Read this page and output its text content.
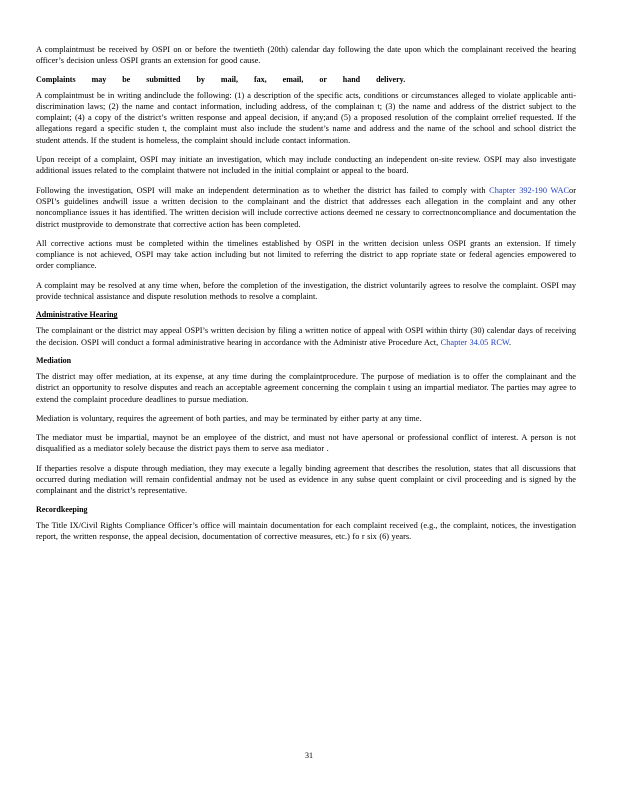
A complaintmust be received by OSPI on or before the twentieth (20th) calendar day following the date upon which the complainant received the hearing officer’s decision unless OSPI grants an extension for good cause.

Complaints may be submitted by mail, fax, email, or hand delivery.

A complaintmust be in writing andinclude the following: (1) a description of the specific acts, conditions or circumstances alleged to violate applicable anti-discrimination laws; (2) the name and contact information, including address, of the complainan t; (3) the name and address of the district subject to the complaint; (4) a copy of the district’s written response and appeal decision, if any;and (5) a proposed resolution of the complaint orrelief requested. If the allegations regard a specific studen t, the complaint must also include the student’s name and address and the name of the school and school district the student attends. If the student is homeless, the complaint should include contact information.

Upon receipt of a complaint, OSPI may initiate an investigation, which may include conducting an independent on-site review. OSPI may also investigate additional issues related to the complaint thatwere not included in the initial complaint or appeal to the board.

Following the investigation, OSPI will make an independent determination as to whether the district has failed to comply with Chapter 392-190 WACor OSPI’s guidelines andwill issue a written decision to the complainant and the district that addresses each allegation in the complaint and any other noncompliance issues it has identified. The written decision will include corrective actions deemed ne cessary to correctnoncompliance and documentation the district mustprovide to demonstrate that corrective action has been completed.

All corrective actions must be completed within the timelines established by OSPI in the written decision unless OSPI grants an extension. If timely compliance is not achieved, OSPI may take action including but not limited to referring the district to app ropriate state or federal agencies empowered to order compliance.

A complaint may be resolved at any time when, before the completion of the investigation, the district voluntarily agrees to resolve the complaint. OSPI may provide technical assistance and dispute resolution methods to resolve a complaint.

Administrative Hearing

The complainant or the district may appeal OSPI’s written decision by filing a written notice of appeal with OSPI within thirty (30) calendar days of receiving the decision. OSPI will conduct a formal administrative hearing in accordance with the Administr ative Procedure Act, Chapter 34.05 RCW.

Mediation

The district may offer mediation, at its expense, at any time during the complaintprocedure. The purpose of mediation is to offer the complainant and the district an opportunity to resolve disputes and reach an acceptable agreement concerning the complain t using an impartial mediator. The parties may agree to extend the complaint procedure deadlines to pursue mediation.

Mediation is voluntary, requires the agreement of both parties, and may be terminated by either party at any time.

The mediator must be impartial, maynot be an employee of the district, and must not have apersonal or professional conflict of interest. A person is not disqualified as a mediator solely because the district pays them to serve asa mediator .

If theparties resolve a dispute through mediation, they may execute a legally binding agreement that describes the resolution, states that all discussions that occurred during mediation will remain confidential andmay not be used as evidence in any subse quent complaint or civil proceeding and is signed by the complainant and the district’s representative.

Recordkeeping

The Title IX/Civil Rights Compliance Officer’s office will maintain documentation for each complaint received (e.g., the complaint, notices, the investigation report, the written response, the appeal decision, documentation of corrective measures, etc.) fo r six (6) years.

31
